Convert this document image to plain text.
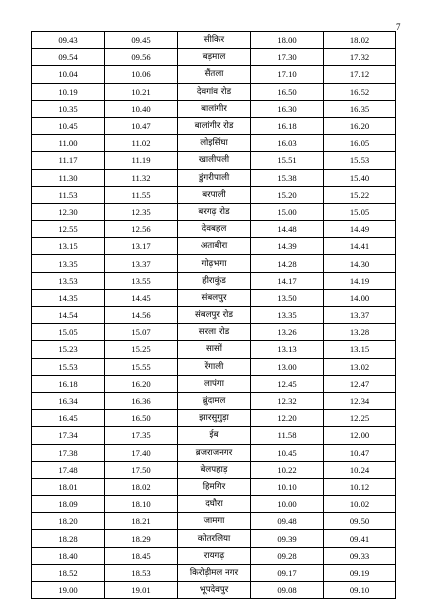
7
09.43	09.45	सीकिर	18.00	18.02
09.54	09.56	बड़माल	17.30	17.32
10.04	10.06	सैंतला	17.10	17.12
10.19	10.21	देवगांव रोड	16.50	16.52
10.35	10.40	बालांगीर	16.30	16.35
10.45	10.47	बालांगीर रोड	16.18	16.20
11.00	11.02	लोइसिंघा	16.03	16.05
11.17	11.19	खालीपली	15.51	15.53
11.30	11.32	डुंगरीपाली	15.38	15.40
11.53	11.55	बरपाली	15.20	15.22
12.30	12.35	बरगढ़ रोड	15.00	15.05
12.55	12.56	देवबहल	14.48	14.49
13.15	13.17	अताबीरा	14.39	14.41
13.35	13.37	गोढ़भगा	14.28	14.30
13.53	13.55	हीराकुंड	14.17	14.19
14.35	14.45	संबलपुर	13.50	14.00
14.54	14.56	संबलपुर रोड	13.35	13.37
15.05	15.07	सरला रोड	13.26	13.28
15.23	15.25	सासों	13.13	13.15
15.53	15.55	रेंगाली	13.00	13.02
16.18	16.20	लापंगा	12.45	12.47
16.34	16.36	ब्रुंदामल	12.32	12.34
16.45	16.50	झारसुगुड़ा	12.20	12.25
17.34	17.35	ईब	11.58	12.00
17.38	17.40	ब्रजराजनगर	10.45	10.47
17.48	17.50	बेलपहाड़	10.22	10.24
18.01	18.02	हिमगिर	10.10	10.12
18.09	18.10	दघौरा	10.00	10.02
18.20	18.21	जामगा	09.48	09.50
18.28	18.29	कोतरलिया	09.39	09.41
18.40	18.45	रायगढ़	09.28	09.33
18.52	18.53	किरोड़ीमल नगर	09.17	09.19
19.00	19.01	भूपदेवपुर	09.08	09.10
